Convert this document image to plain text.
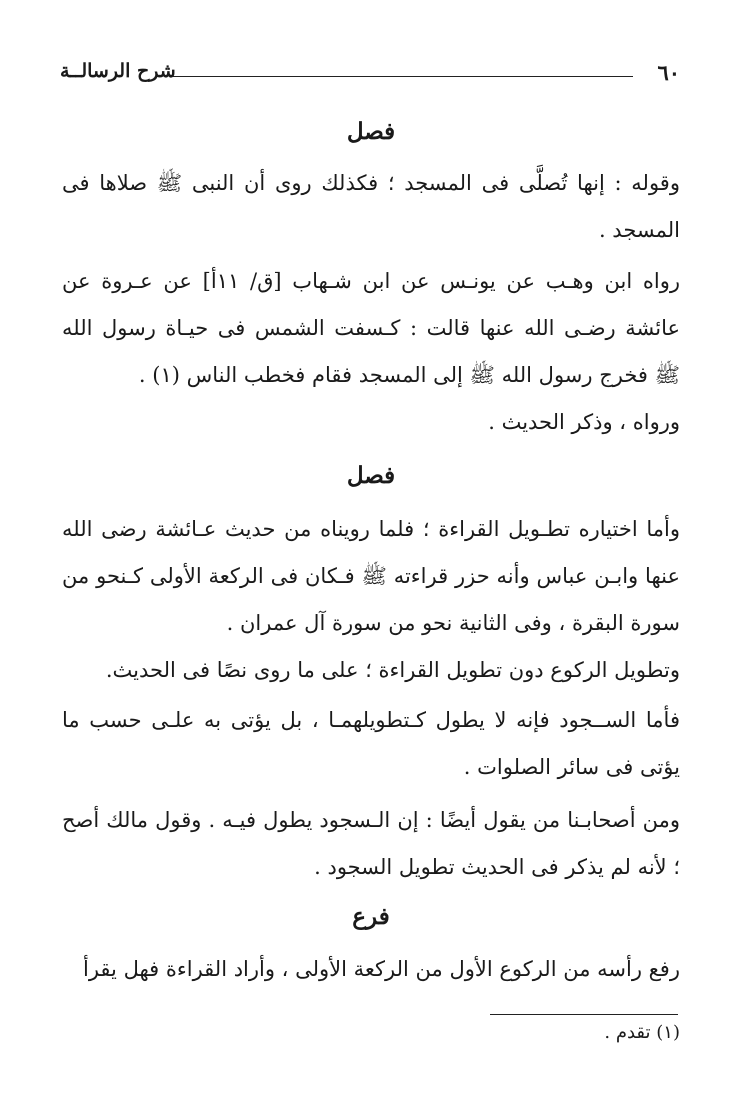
٦٠
شرح الرسالــة
فصل

وقوله : إنها تُصلَّى فى المسجد ؛ فكذلك روى أن النبى ﷺ صلاها فى المسجد .

رواه ابن وهـب عن يونـس عن ابن شـهاب [ق/ ١١أ] عن عـروة عن عائشة رضـى الله عنها قالت : كـسفت الشمس فى حيـاة رسول الله ﷺ فخرج رسول الله ﷺ إلى المسجد فقام فخطب الناس (١) .

ورواه ، وذكر الحديث .

فصل

وأما اختياره تطـويل القراءة ؛ فلما رويناه من حديث عـائشة رضى الله عنها وابـن عباس وأنه حزر قراءته ﷺ فـكان فى الركعة الأولى كـنحو من سورة البقرة ، وفى الثانية نحو من سورة آل عمران .

وتطويل الركوع دون تطويل القراءة ؛ على ما روى نصًا فى الحديث.

فأما الســجود فإنه لا يطول كـتطويلهمـا ، بل يؤتى به علـى حسب ما يؤتى فى سائر الصلوات .

ومن أصحابـنا من يقول أيضًا : إن الـسجود يطول فيـه . وقول مالك أصح ؛ لأنه لم يذكر فى الحديث تطويل السجود .

فرع

رفع رأسه من الركوع الأول من الركعة الأولى ، وأراد القراءة فهل يقرأ

(١) تقدم .
